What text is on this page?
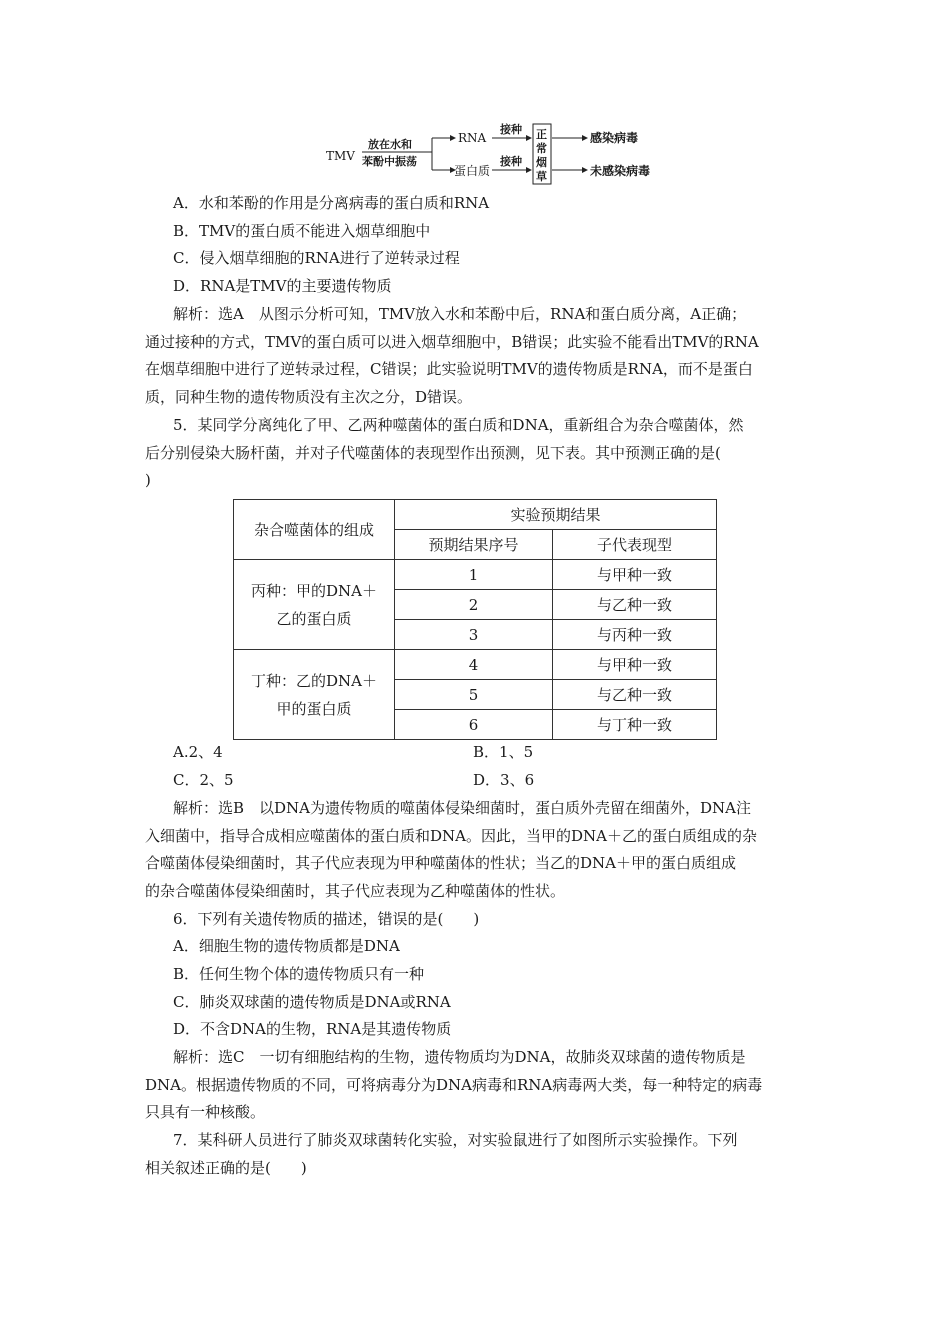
TMV
放在水和
苯酚中振荡
RNA
蛋白质
接种
接种
正
常
烟
草
感染病毒
未感染病毒
A．水和苯酚的作用是分离病毒的蛋白质和RNA
B．TMV的蛋白质不能进入烟草细胞中
C．侵入烟草细胞的RNA进行了逆转录过程
D．RNA是TMV的主要遗传物质
解析：选A　从图示分析可知，TMV放入水和苯酚中后，RNA和蛋白质分离，A正确；
通过接种的方式，TMV的蛋白质可以进入烟草细胞中，B错误；此实验不能看出TMV的RNA
在烟草细胞中进行了逆转录过程，C错误；此实验说明TMV的遗传物质是RNA，而不是蛋白
质，同种生物的遗传物质没有主次之分，D错误。
5．某同学分离纯化了甲、乙两种噬菌体的蛋白质和DNA，重新组合为杂合噬菌体，然
后分别侵染大肠杆菌，并对子代噬菌体的表现型作出预测，见下表。其中预测正确的是(
)
杂合噬菌体的组成	实验预期结果	
	预期结果序号	子代表现型

丙种：甲的DNA＋
乙的蛋白质	1	与甲种一致
	2	与乙种一致
	3	与丙种一致

丁种：乙的DNA＋
甲的蛋白质	4	与甲种一致
	5	与乙种一致
	6	与丁种一致
A.2、4	B．1、5
C．2、5	D．3、6
解析：选B　以DNA为遗传物质的噬菌体侵染细菌时，蛋白质外壳留在细菌外，DNA注
入细菌中，指导合成相应噬菌体的蛋白质和DNA。因此，当甲的DNA＋乙的蛋白质组成的杂
合噬菌体侵染细菌时，其子代应表现为甲种噬菌体的性状；当乙的DNA＋甲的蛋白质组成
的杂合噬菌体侵染细菌时，其子代应表现为乙种噬菌体的性状。
6．下列有关遗传物质的描述，错误的是(　　)
A．细胞生物的遗传物质都是DNA
B．任何生物个体的遗传物质只有一种
C．肺炎双球菌的遗传物质是DNA或RNA
D．不含DNA的生物，RNA是其遗传物质
解析：选C　一切有细胞结构的生物，遗传物质均为DNA，故肺炎双球菌的遗传物质是
DNA。根据遗传物质的不同，可将病毒分为DNA病毒和RNA病毒两大类，每一种特定的病毒
只具有一种核酸。
7．某科研人员进行了肺炎双球菌转化实验，对实验鼠进行了如图所示实验操作。下列
相关叙述正确的是(　　)
